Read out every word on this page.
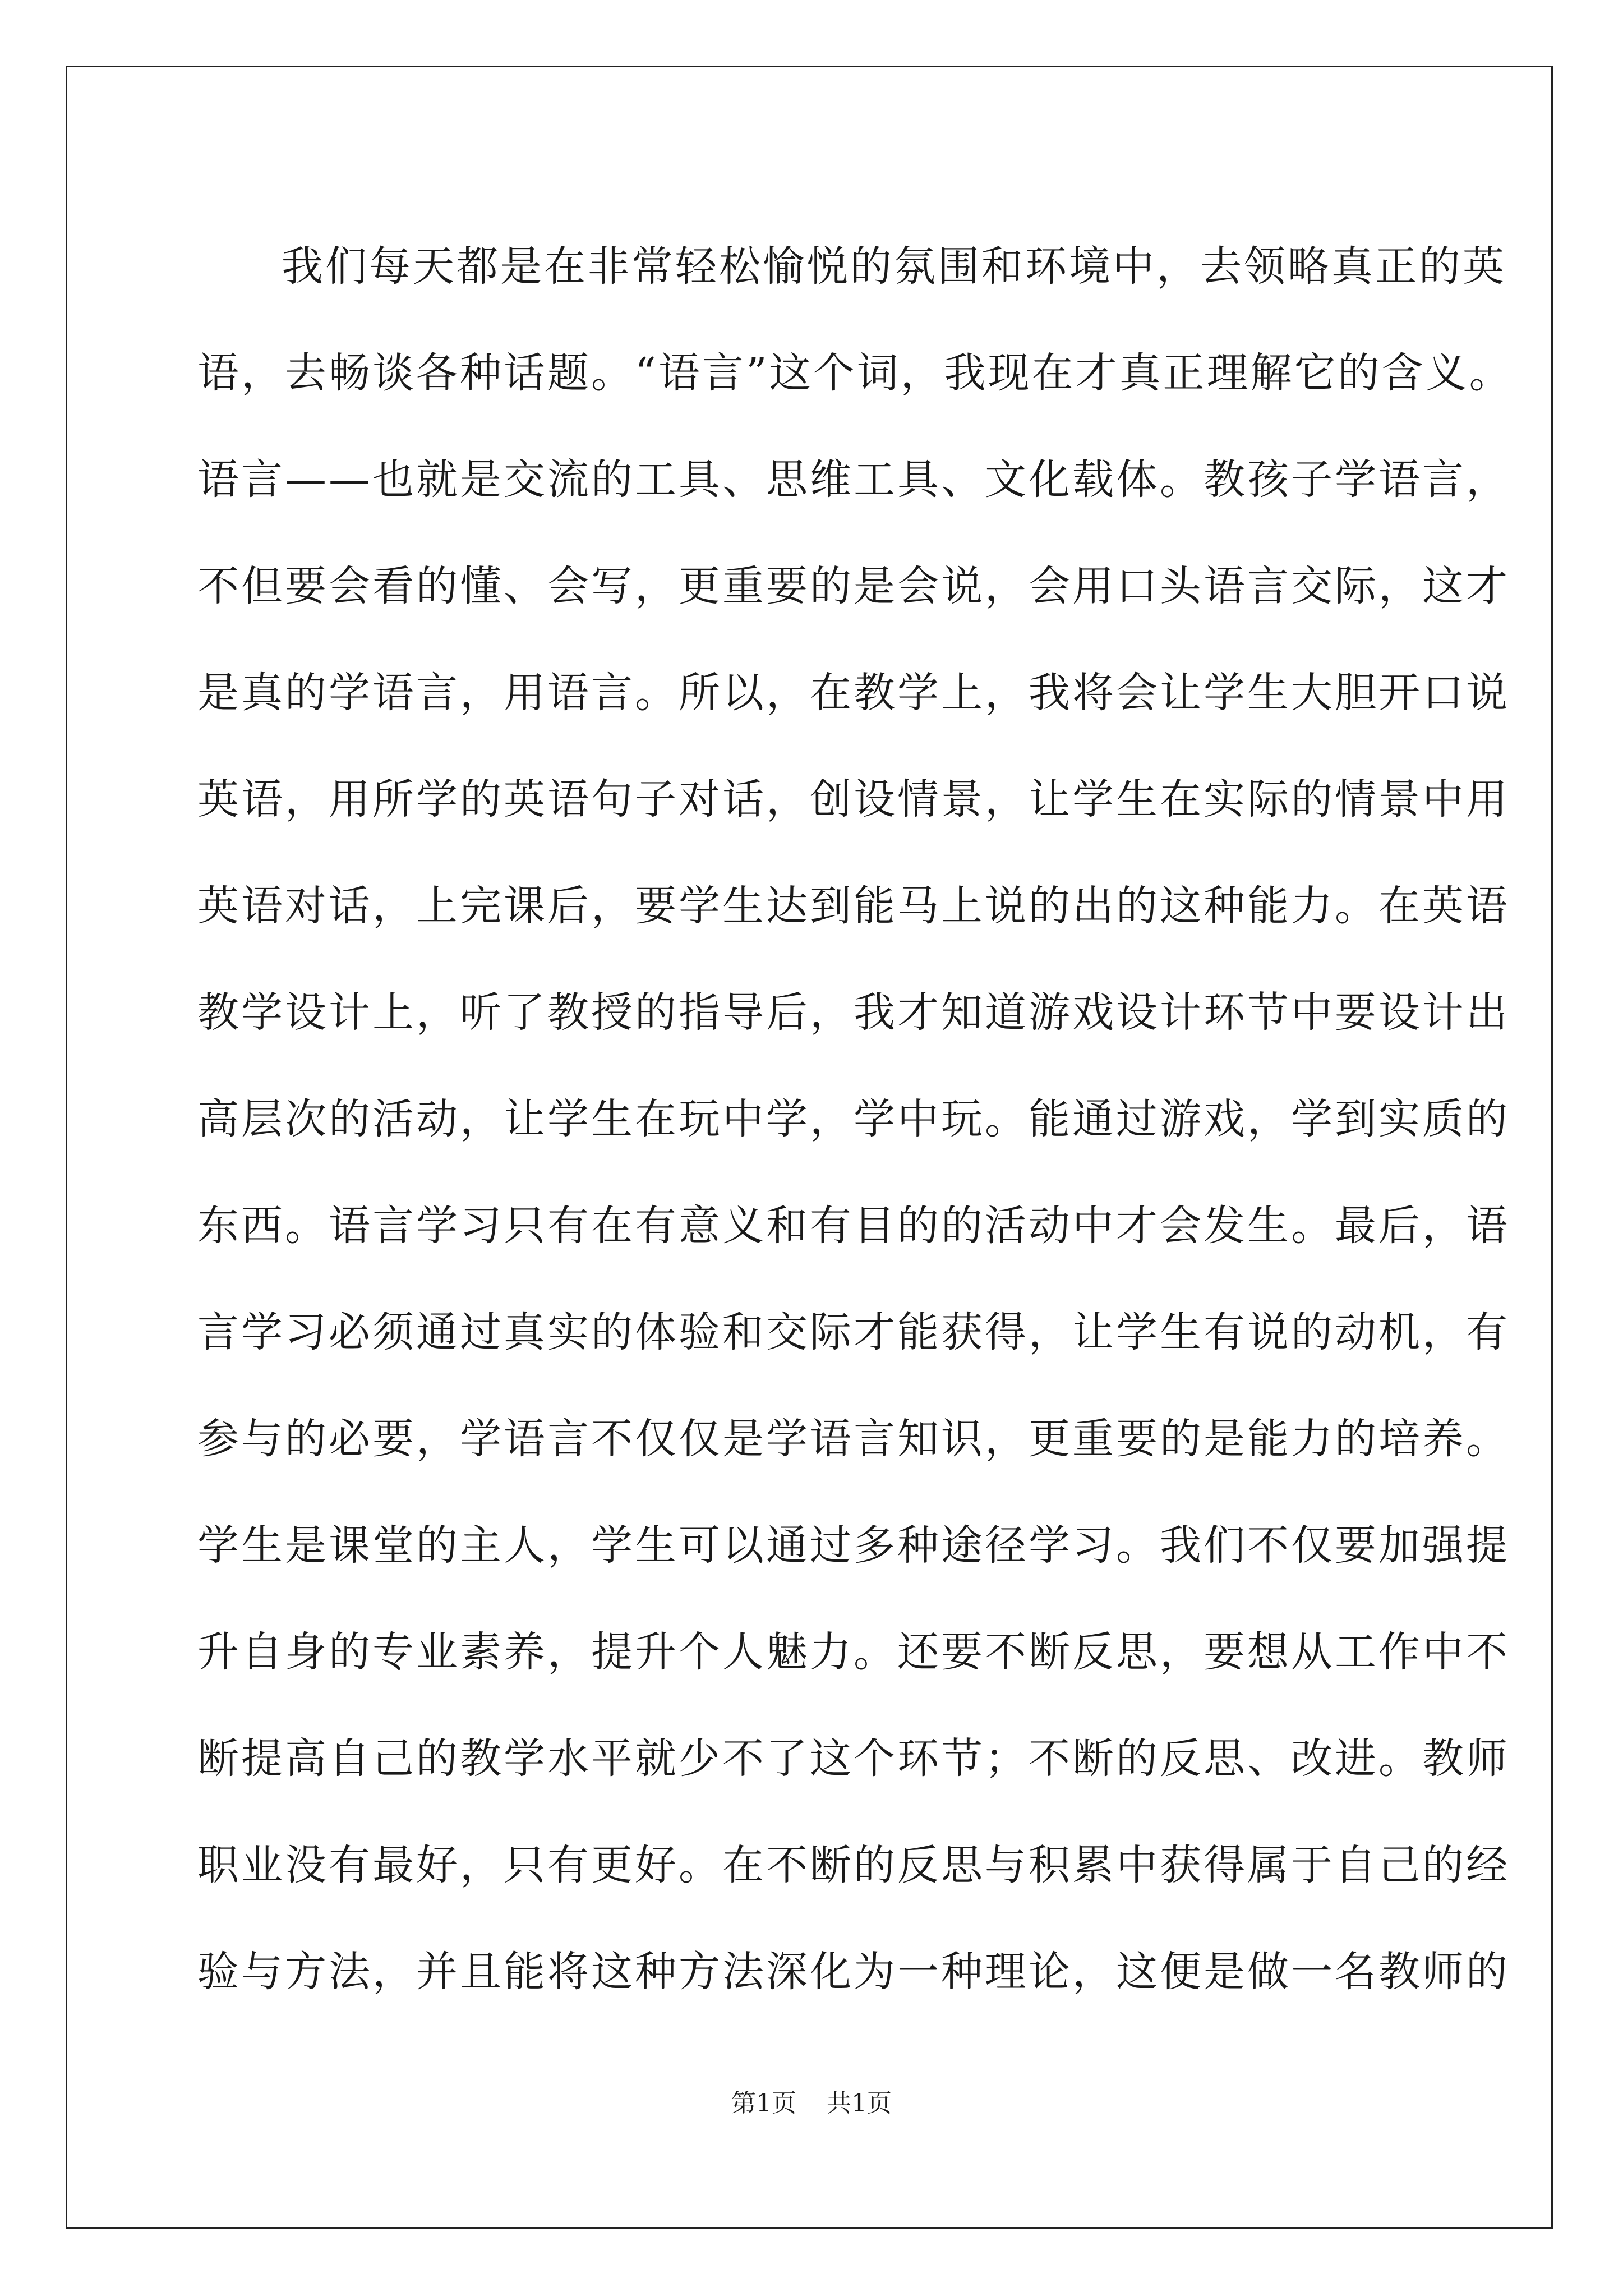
我们每天都是在非常轻松愉悦的氛围和环境中，去领略真正的英
语，去畅谈各种话题。“语言”这个词，我现在才真正理解它的含义。
语言——也就是交流的工具、思维工具、文化载体。教孩子学语言，
不但要会看的懂、会写，更重要的是会说，会用口头语言交际，这才
是真的学语言，用语言。所以，在教学上，我将会让学生大胆开口说
英语，用所学的英语句子对话，创设情景，让学生在实际的情景中用
英语对话，上完课后，要学生达到能马上说的出的这种能力。在英语
教学设计上，听了教授的指导后，我才知道游戏设计环节中要设计出
高层次的活动，让学生在玩中学，学中玩。能通过游戏，学到实质的
东西。语言学习只有在有意义和有目的的活动中才会发生。最后，语
言学习必须通过真实的体验和交际才能获得，让学生有说的动机，有
参与的必要，学语言不仅仅是学语言知识，更重要的是能力的培养。
学生是课堂的主人，学生可以通过多种途径学习。我们不仅要加强提
升自身的专业素养，提升个人魅力。还要不断反思，要想从工作中不
断提高自己的教学水平就少不了这个环节；不断的反思、改进。教师
职业没有最好，只有更好。在不断的反思与积累中获得属于自己的经
验与方法，并且能将这种方法深化为一种理论，这便是做一名教师的
第1页 共1页
